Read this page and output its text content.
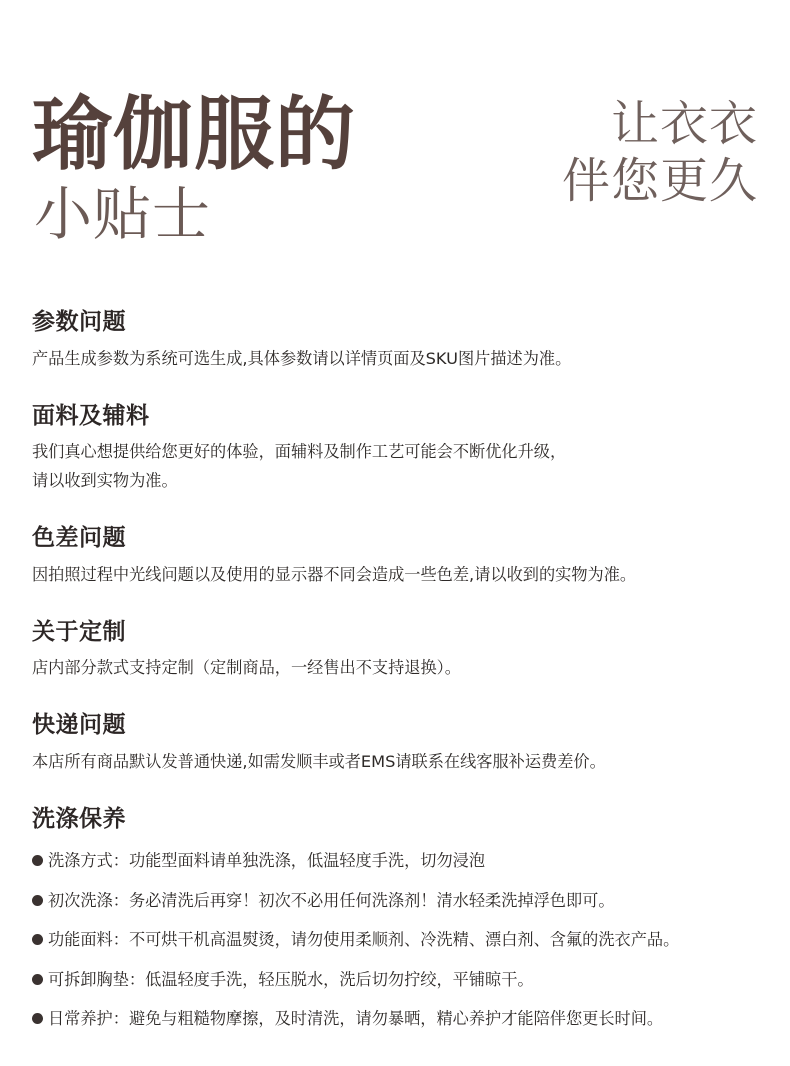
瑜伽服的
小贴士
让衣衣
伴您更久
参数问题

产品生成参数为系统可选生成,具体参数请以详情页面及SKU图片描述为准。

面料及辅料

我们真心想提供给您更好的体验，面辅料及制作工艺可能会不断优化升级，
请以收到实物为准。

色差问题

因拍照过程中光线问题以及使用的显示器不同会造成一些色差,请以收到的实物为准。

关于定制

店内部分款式支持定制（定制商品，一经售出不支持退换）。

快递问题

本店所有商品默认发普通快递,如需发顺丰或者EMS请联系在线客服补运费差价。

洗涤保养
洗涤方式： 功能型面料请单独洗涤，低温轻度手洗，切勿浸泡
初次洗涤： 务必清洗后再穿！初次不必用任何洗涤剂！清水轻柔洗掉浮色即可。
功能面料： 不可烘干机高温熨烫，请勿使用柔顺剂、冷洗精、漂白剂、含氟的洗衣产品。
可拆卸胸垫： 低温轻度手洗，轻压脱水，洗后切勿拧绞，平铺晾干。
日常养护： 避免与粗糙物摩擦，及时清洗，请勿暴晒，精心养护才能陪伴您更长时间。
